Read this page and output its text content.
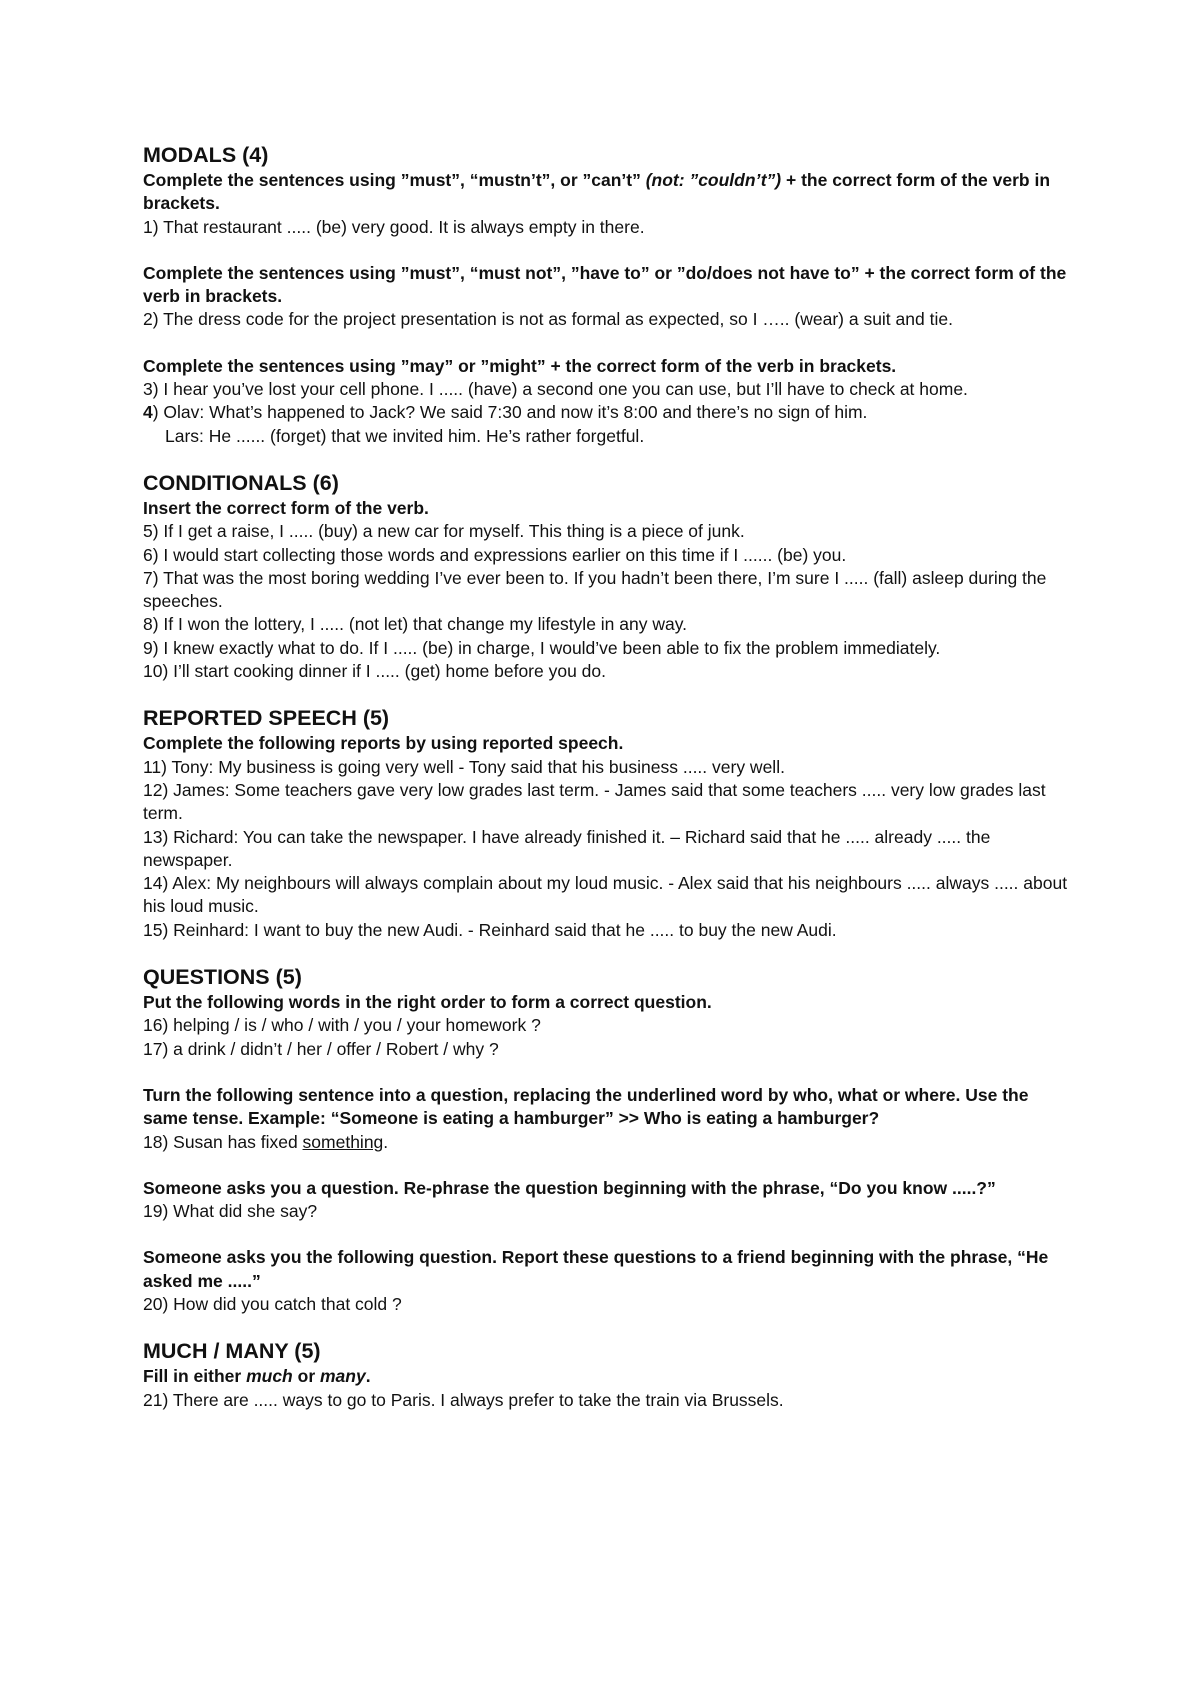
MODALS (4)

Complete the sentences using ”must”, “mustn’t”, or ”can’t” (not: ”couldn’t”) + the correct form of the verb in brackets.

1) That restaurant ..... (be) very good. It is always empty in there.

Complete the sentences using ”must”, “must not”, ”have to” or ”do/does not have to” + the correct form of the verb in brackets.

2) The dress code for the project presentation is not as formal as expected, so I ….. (wear) a suit and tie.

Complete the sentences using ”may” or ”might” + the correct form of the verb in brackets.

3) I hear you’ve lost your cell phone. I ..... (have) a second one you can use, but I’ll have to check at home.

4) Olav: What’s happened to Jack? We said 7:30 and now it’s 8:00 and there’s no sign of him.

Lars: He ...... (forget) that we invited him. He’s rather forgetful.

CONDITIONALS (6)

Insert the correct form of the verb.

5) If I get a raise, I ..... (buy) a new car for myself. This thing is a piece of junk.

6) I would start collecting those words and expressions earlier on this time if I ...... (be) you.

7) That was the most boring wedding I’ve ever been to. If you hadn’t been there, I’m sure I ..... (fall) asleep during the speeches.

8) If I won the lottery, I ..... (not let) that change my lifestyle in any way.

9) I knew exactly what to do. If I ..... (be) in charge, I would’ve been able to fix the problem immediately.

10) I’ll start cooking dinner if I ..... (get) home before you do.

REPORTED SPEECH (5)

Complete the following reports by using reported speech.

11) Tony: My business is going very well - Tony said that his business ..... very well.

12) James: Some teachers gave very low grades last term. - James said that some teachers ..... very low grades last term.

13) Richard: You can take the newspaper. I have already finished it. – Richard said that he ..... already ..... the newspaper.

14) Alex: My neighbours will always complain about my loud music. - Alex said that his neighbours ..... always ..... about his loud music.

15) Reinhard: I want to buy the new Audi. - Reinhard said that he ..... to buy the new Audi.

QUESTIONS (5)

Put the following words in the right order to form a correct question.

16) helping / is / who / with / you / your homework ?

17) a drink / didn’t / her / offer / Robert / why ?

Turn the following sentence into a question, replacing the underlined word by who, what or where. Use the same tense. Example: “Someone is eating a hamburger” >> Who is eating a hamburger?

18) Susan has fixed something.

Someone asks you a question. Re-phrase the question beginning with the phrase, “Do you know .....?”

19) What did she say?

Someone asks you the following question. Report these questions to a friend beginning with the phrase, “He asked me .....”

20) How did you catch that cold ?

MUCH / MANY (5)

Fill in either much or many.

21) There are ..... ways to go to Paris. I always prefer to take the train via Brussels.
